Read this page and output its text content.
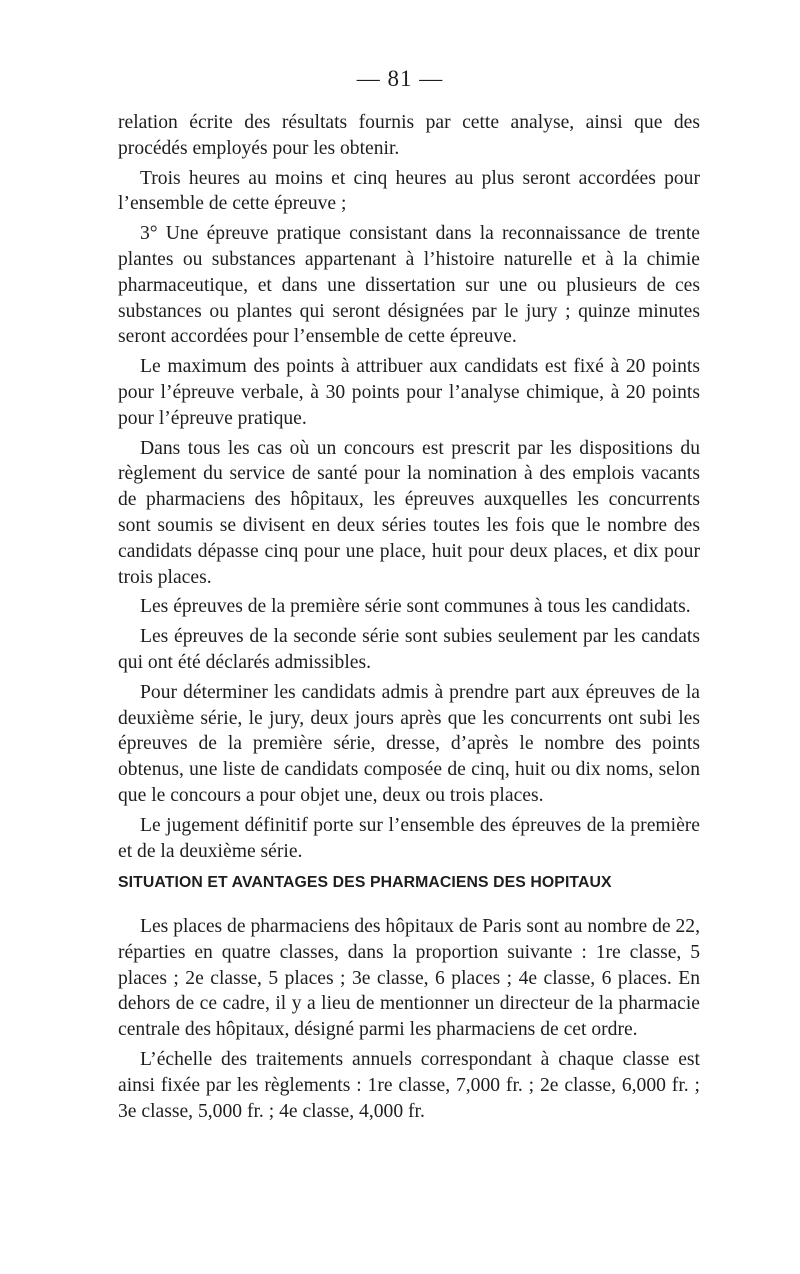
— 81 —

relation écrite des résultats fournis par cette analyse, ainsi que des procédés employés pour les obtenir.

Trois heures au moins et cinq heures au plus seront accordées pour l’ensemble de cette épreuve ;

3° Une épreuve pratique consistant dans la reconnaissance de trente plantes ou substances appartenant à l’histoire naturelle et à la chimie pharmaceutique, et dans une dissertation sur une ou plusieurs de ces substances ou plantes qui seront désignées par le jury ; quinze minutes seront accordées pour l’ensemble de cette épreuve.

Le maximum des points à attribuer aux candidats est fixé à 20 points pour l’épreuve verbale, à 30 points pour l’analyse chimique, à 20 points pour l’épreuve pratique.

Dans tous les cas où un concours est prescrit par les dispositions du règlement du service de santé pour la nomination à des emplois vacants de pharmaciens des hôpitaux, les épreuves auxquelles les concurrents sont soumis se divisent en deux séries toutes les fois que le nombre des candidats dépasse cinq pour une place, huit pour deux places, et dix pour trois places.

Les épreuves de la première série sont communes à tous les candidats.

Les épreuves de la seconde série sont subies seulement par les candats qui ont été déclarés admissibles.

Pour déterminer les candidats admis à prendre part aux épreuves de la deuxième série, le jury, deux jours après que les concurrents ont subi les épreuves de la première série, dresse, d’après le nombre des points obtenus, une liste de candidats composée de cinq, huit ou dix noms, selon que le concours a pour objet une, deux ou trois places.

Le jugement définitif porte sur l’ensemble des épreuves de la première et de la deuxième série.

SITUATION ET AVANTAGES DES PHARMACIENS DES HOPITAUX

Les places de pharmaciens des hôpitaux de Paris sont au nombre de 22, réparties en quatre classes, dans la proportion suivante : 1re classe, 5 places ; 2e classe, 5 places ; 3e classe, 6 places ; 4e classe, 6 places. En dehors de ce cadre, il y a lieu de mentionner un directeur de la pharmacie centrale des hôpitaux, désigné parmi les pharmaciens de cet ordre.

L’échelle des traitements annuels correspondant à chaque classe est ainsi fixée par les règlements : 1re classe, 7,000 fr. ; 2e classe, 6,000 fr. ; 3e classe, 5,000 fr. ; 4e classe, 4,000 fr.
